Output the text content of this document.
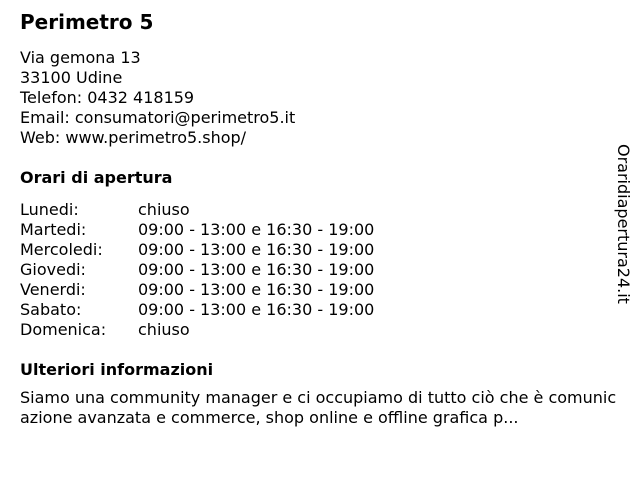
Perimetro 5
Via gemona 13
33100 Udine
Telefon: 0432 418159
Email: consumatori@perimetro5.it
Web: www.perimetro5.shop/
Orari di apertura
Lunedi:	chiuso
Martedi:	09:00 - 13:00 e 16:30 - 19:00
Mercoledi:	09:00 - 13:00 e 16:30 - 19:00
Giovedi:	09:00 - 13:00 e 16:30 - 19:00
Venerdi:	09:00 - 13:00 e 16:30 - 19:00
Sabato:	09:00 - 13:00 e 16:30 - 19:00
Domenica:	chiuso
Ulteriori informazioni

Siamo una community manager e ci occupiamo di tutto ciò che è comunicazione avanzata e commerce, shop online e offline grafica p...

Oraridiapertura24.it
